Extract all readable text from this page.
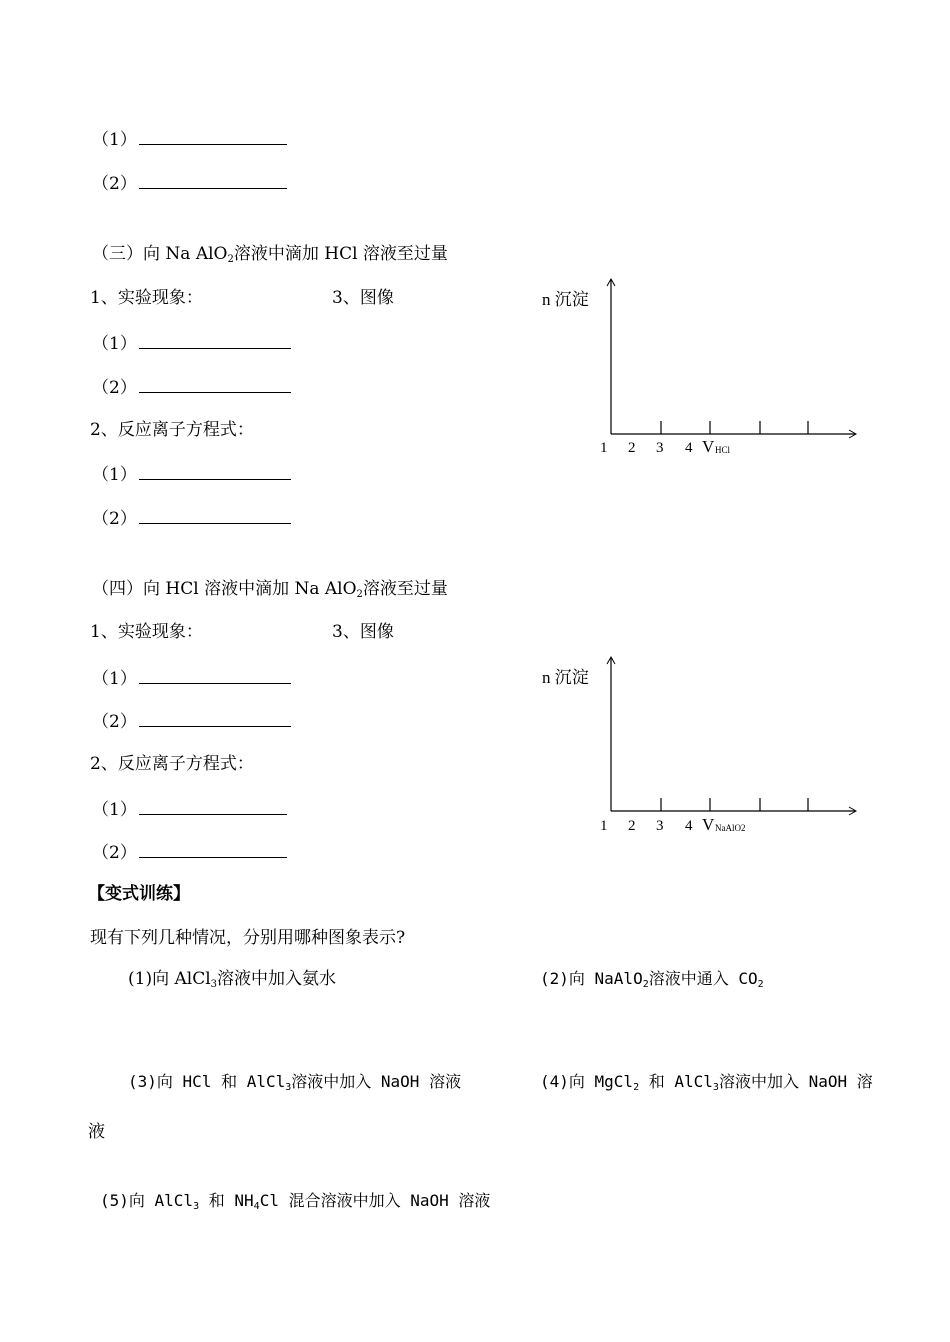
（1）
（2）
（三）向 Na AlO$_2$溶液中滴加 HCl 溶液至过量
1、实验现象：	3、图像
（1）
（2）
2、反应离子方程式：
（1）
（2）
n 沉淀
1 2 3 4 V HCl
（四）向 HCl 溶液中滴加 Na AlO$_2$溶液至过量
1、实验现象：	3、图像
（1）
（2）
2、反应离子方程式：
（1）
（2）
n 沉淀
1 2 3 4 V NaAlO2
【变式训练】
现有下列几种情况，分别用哪种图象表示?
(1)向 AlCl$_3$溶液中加入氨水	(2)向 NaAlO$_2$溶液中通入 $CO_2$
(3)向 HCl 和 AlCl$_3$溶液中加入 NaOH 溶液	(4)向 MgCl$_2$ 和 AlCl$_3$溶液中加入 NaOH 溶
液
(5)向 AlCl$_3$ 和 $NH_4Cl$ 混合溶液中加入 NaOH 溶液
